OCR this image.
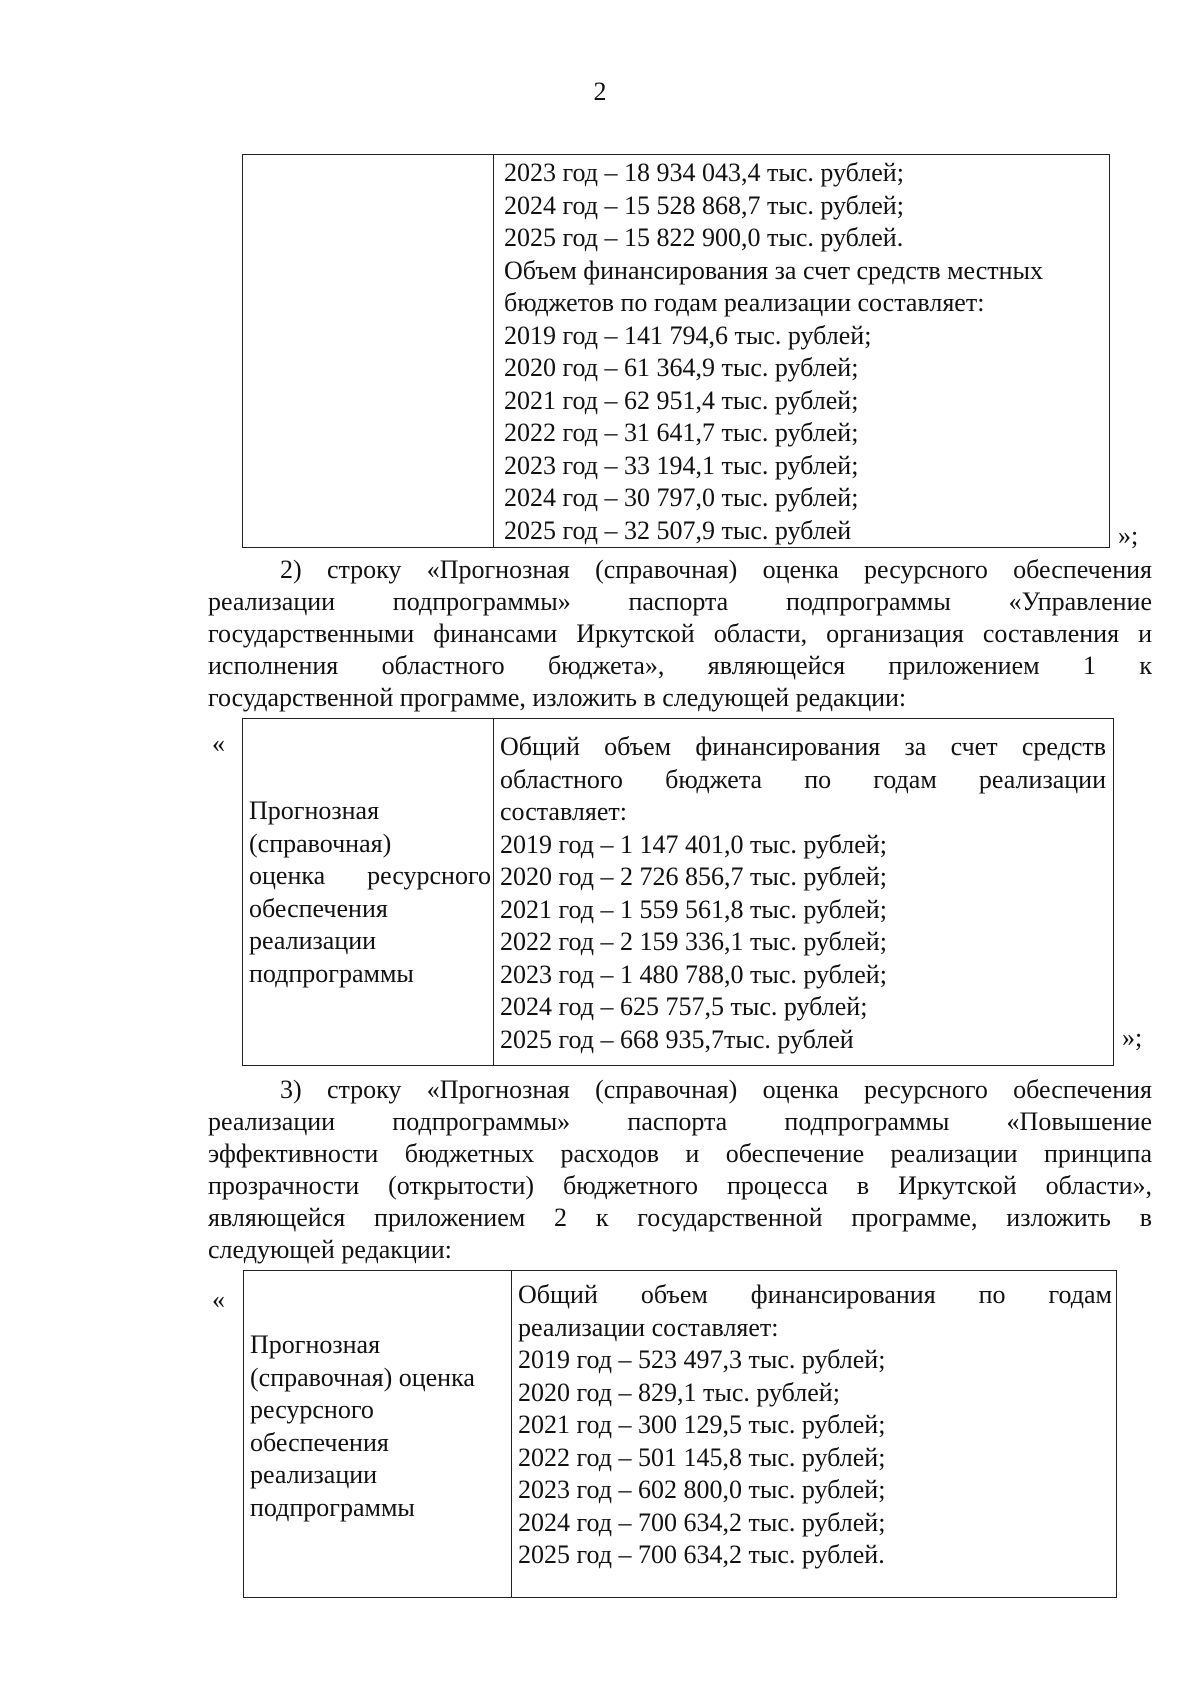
2
2023 год – 18 934 043,4 тыс. рублей;
2024 год – 15 528 868,7 тыс. рублей;
2025 год – 15 822 900,0 тыс. рублей.
Объем финансирования за счет средств местных
бюджетов по годам реализации составляет:
2019 год – 141 794,6 тыс. рублей;
2020 год – 61 364,9 тыс. рублей;
2021 год – 62 951,4 тыс. рублей;
2022 год – 31 641,7 тыс. рублей;
2023 год – 33 194,1 тыс. рублей;
2024 год – 30 797,0 тыс. рублей;
2025 год – 32 507,9 тыс. рублей	»;
2) строку «Прогнозная (справочная) оценка ресурсного обеспечения
реализации подпрограммы» паспорта подпрограммы «Управление
государственными финансами Иркутской области, организация составления и
исполнения областного бюджета», являющейся приложением 1 к
государственной программе, изложить в следующей редакции:
«
Прогнозная
(справочная)
оценка ресурсного
обеспечения
реализации
подпрограммы
Общий объем финансирования за счет средств
областного бюджета по годам реализации
составляет:
2019 год – 1 147 401,0 тыс. рублей;
2020 год – 2 726 856,7 тыс. рублей;
2021 год – 1 559 561,8 тыс. рублей;
2022 год – 2 159 336,1 тыс. рублей;
2023 год – 1 480 788,0 тыс. рублей;
2024 год – 625 757,5 тыс. рублей;
2025 год – 668 935,7тыс. рублей	»;
3) строку «Прогнозная (справочная) оценка ресурсного обеспечения
реализации подпрограммы» паспорта подпрограммы «Повышение
эффективности бюджетных расходов и обеспечение реализации принципа
прозрачности (открытости) бюджетного процесса в Иркутской области»,
являющейся приложением 2 к государственной программе, изложить в
следующей редакции:
«
Прогнозная
(справочная) оценка
ресурсного
обеспечения
реализации
подпрограммы
Общий объем финансирования по годам
реализации составляет:
2019 год – 523 497,3 тыс. рублей;
2020 год – 829,1 тыс. рублей;
2021 год – 300 129,5 тыс. рублей;
2022 год – 501 145,8 тыс. рублей;
2023 год – 602 800,0 тыс. рублей;
2024 год – 700 634,2 тыс. рублей;
2025 год – 700 634,2 тыс. рублей.
